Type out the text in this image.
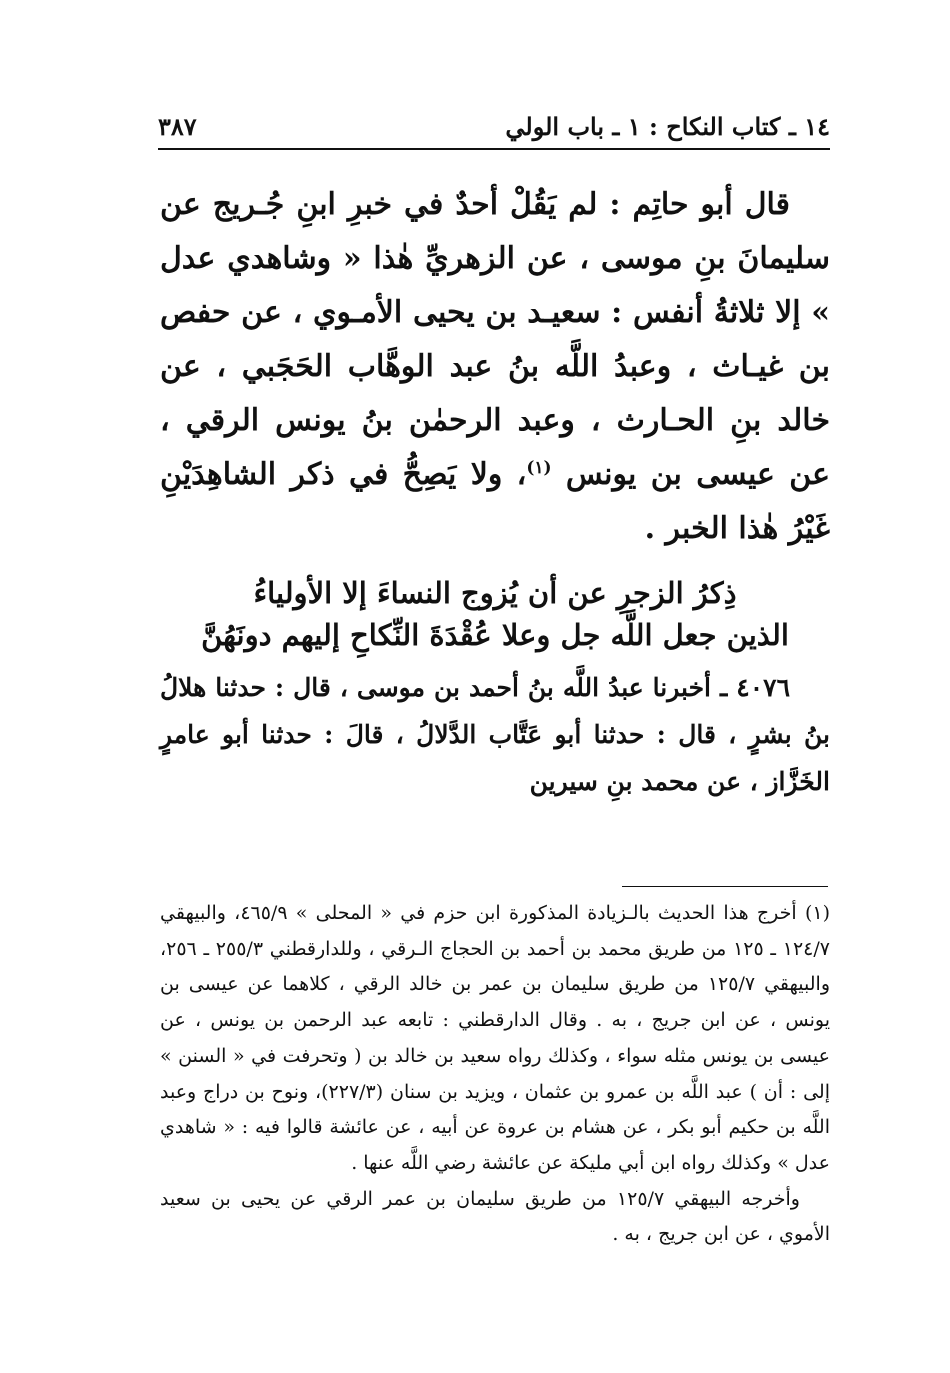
١٤ ـ كتاب النكاح : ١ ـ باب الولي
٣٨٧

قال أبو حاتِم : لم يَقُلْ أحدٌ في خبرِ ابنِ جُـريج عن سليمانَ بنِ موسى ، عن الزهريِّ هٰذا « وشاهدي عدل » إلا ثلاثةُ أنفس : سعيـد بن يحيى الأمـوي ، عن حفص بن غيـاث ، وعبدُ اللَّه بنُ عبد الوهَّاب الحَجَبي ، عن خالد بنِ الحـارث ، وعبد الرحمٰن بنُ يونس الرقي ، عن عيسى بن يونس $^{(١)}$، ولا يَصِحُّ في ذكر الشاهِدَيْنِ غَيْرُ هٰذا الخبر .

ذِكرُ الزجرِ عن أن يُزوج النساءَ إلا الأولياءُ
الذين جعل اللَّه جل وعلا عُقْدَةَ النِّكاحِ إليهم دونَهُنَّ

٤٠٧٦ ـ أخبرنا عبدُ اللَّه بنُ أحمد بن موسى ، قال : حدثنا هلالُ بنُ بشرٍ ، قال : حدثنا أبو عَتَّاب الدَّلالُ ، قالَ : حدثنا أبو عامرٍ الخَزَّاز ، عن محمد بنِ سيرين

(١) أخرج هذا الحديث بالـزيادة المذكورة ابن حزم في « المحلى » ٤٦٥/٩، والبيهقي ١٢٤/٧ ـ ١٢٥ من طريق محمد بن أحمد بن الحجاج الـرقي ، وللدارقطني ٢٥٥/٣ ـ ٢٥٦، والبيهقي ١٢٥/٧ من طريق سليمان بن عمر بن خالد الرقي ، كلاهما عن عيسى بن يونس ، عن ابن جريج ، به . وقال الدارقطني : تابعه عبد الرحمن بن يونس ، عن عيسى بن يونس مثله سواء ، وكذلك رواه سعيد بن خالد بن ( وتحرفت في « السنن » إلى : أن ) عبد اللَّه بن عمرو بن عثمان ، ويزيد بن سنان (٢٢٧/٣)، ونوح بن دراج وعبد اللَّه بن حكيم أبو بكر ، عن هشام بن عروة عن أبيه ، عن عائشة قالوا فيه : « شاهدي عدل » وكذلك رواه ابن أبي مليكة عن عائشة رضي اللَّه عنها .

وأخرجه البيهقي ١٢٥/٧ من طريق سليمان بن عمر الرقي عن يحيى بن سعيد الأموي ، عن ابن جريج ، به .
